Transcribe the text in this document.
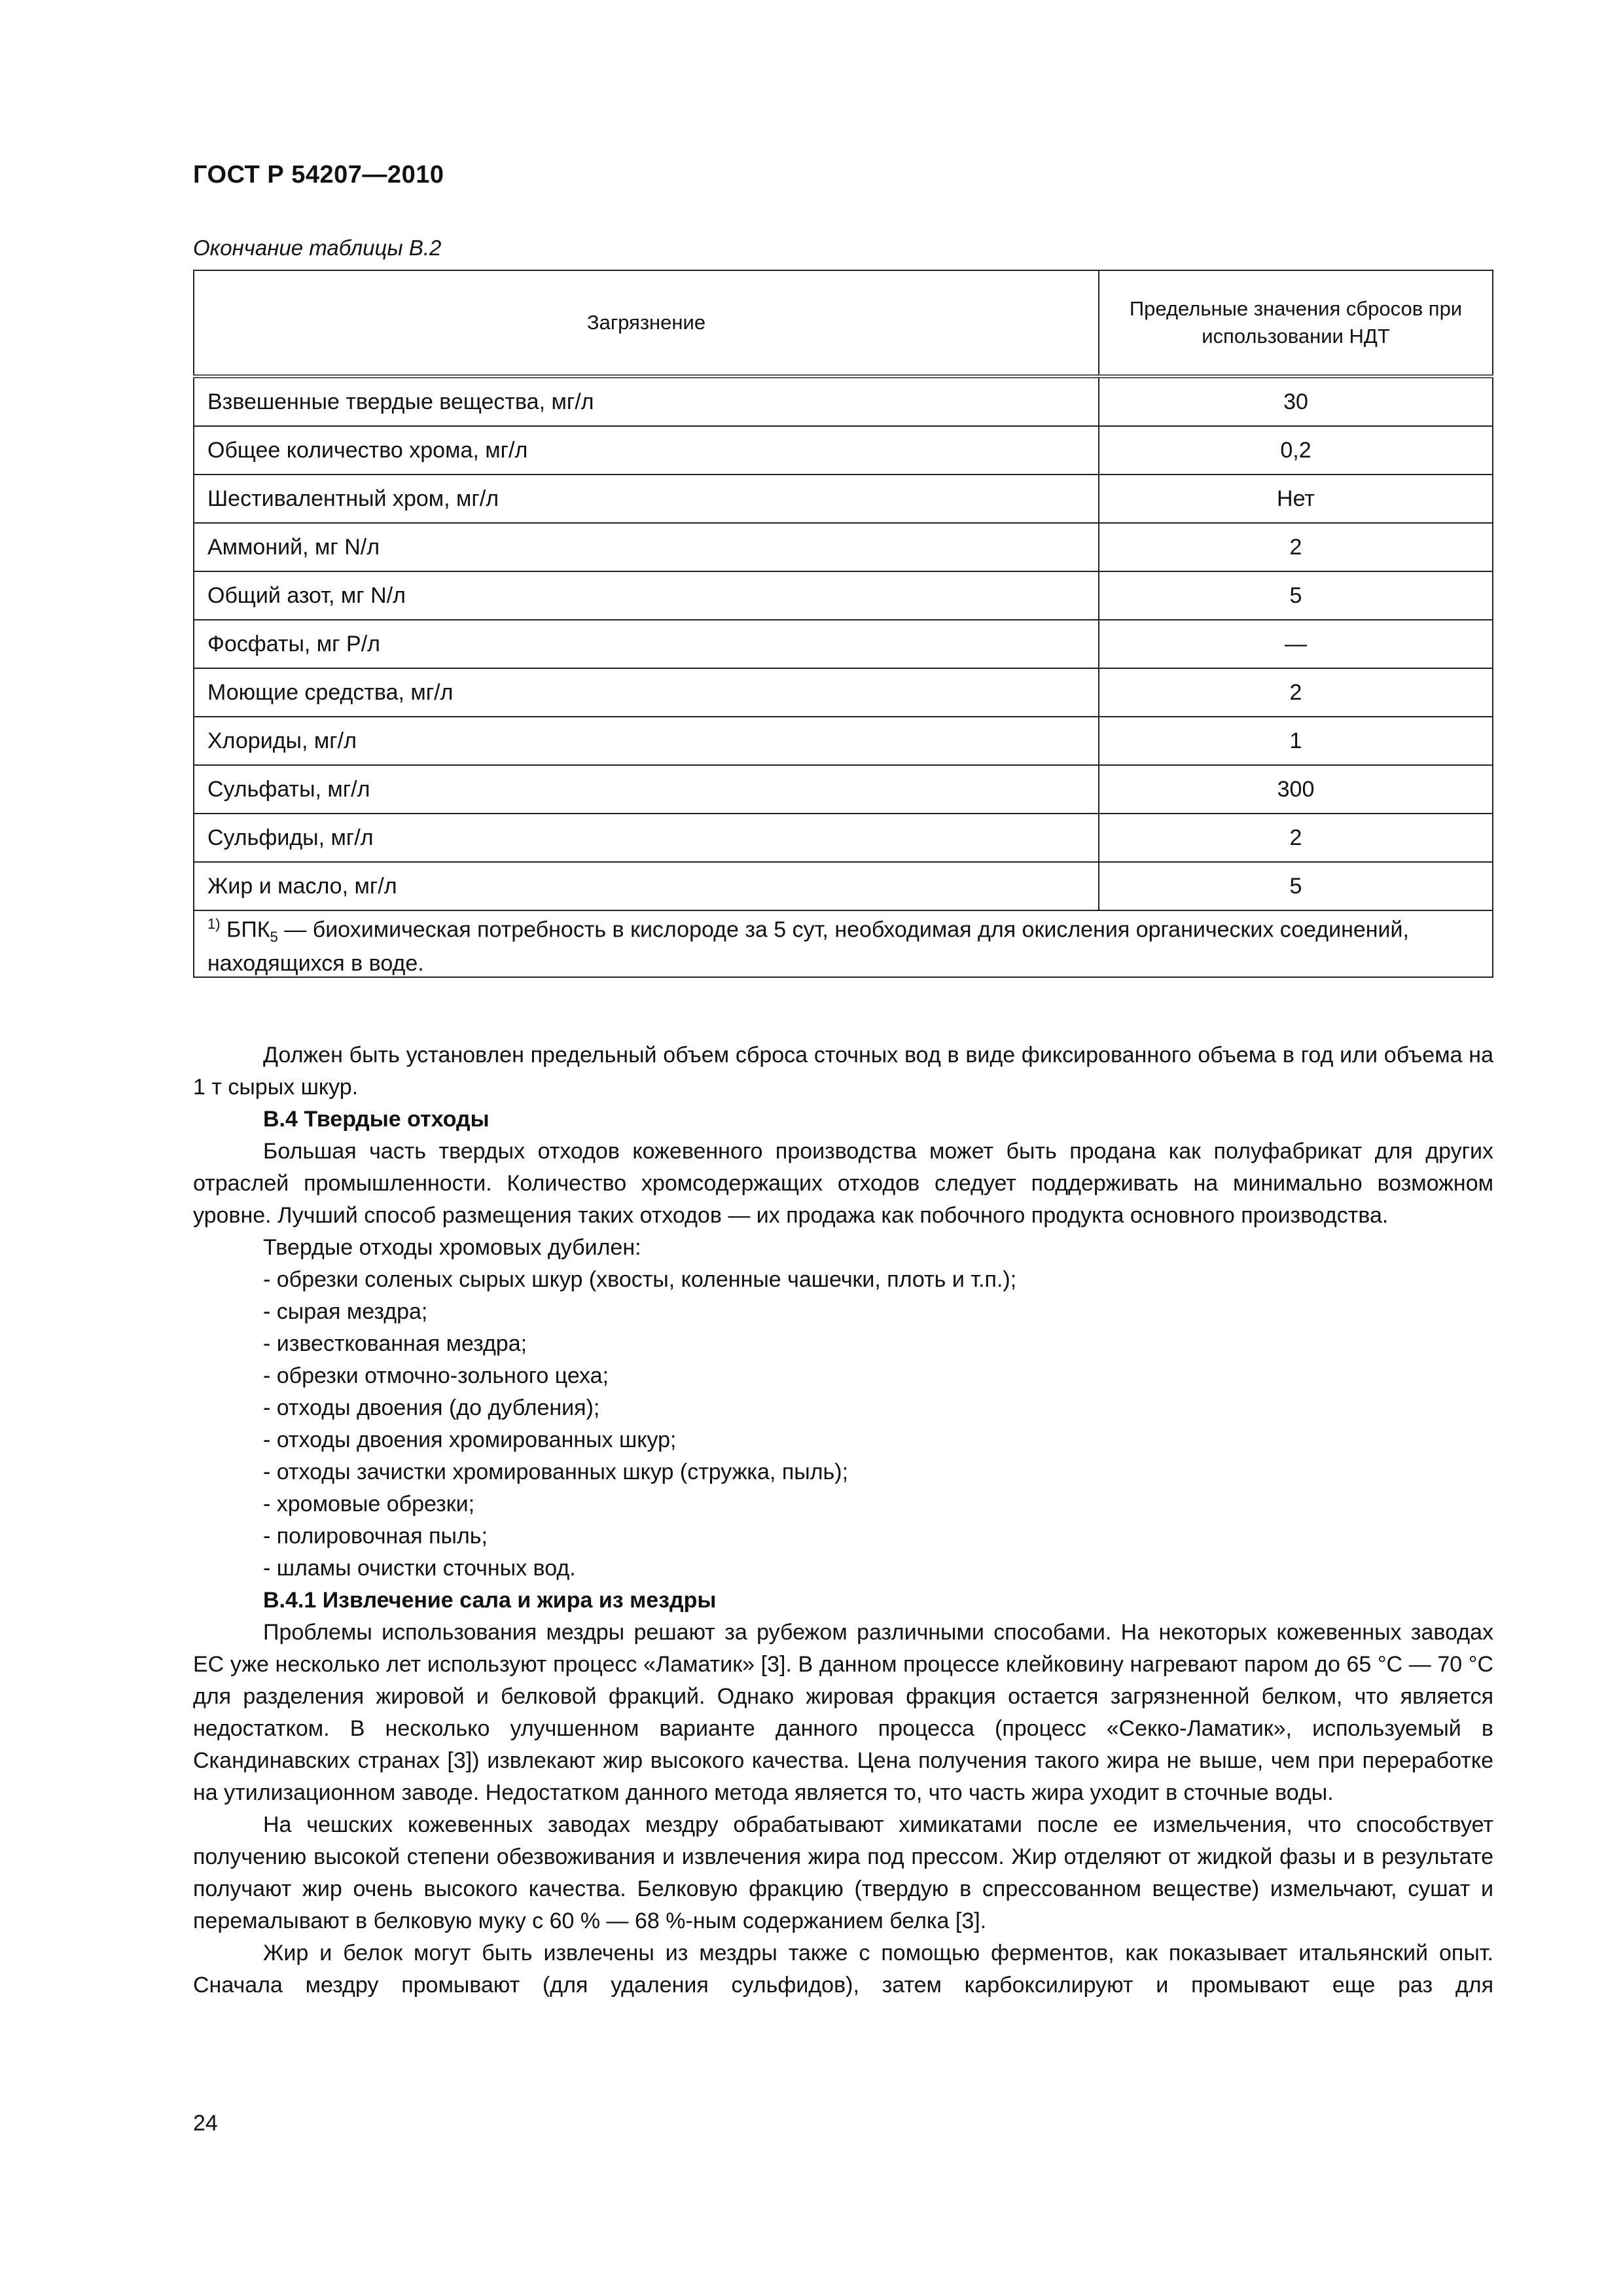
ГОСТ Р 54207—2010
Окончание таблицы В.2
Загрязнение	Предельные значения сбросов при использовании НДТ
Взвешенные твердые вещества, мг/л	30
Общее количество хрома, мг/л	0,2
Шестивалентный хром, мг/л	Нет
Аммоний, мг N/л	2
Общий азот, мг N/л	5
Фосфаты, мг Р/л	—
Моющие средства, мг/л	2
Хлориды, мг/л	1
Сульфаты, мг/л	300
Сульфиды, мг/л	2
Жир и масло, мг/л	5
$^{1)}$ $БПК_5$ — биохимическая потребность в кислороде за 5 сут, необходимая для окисления органических соединений, находящихся в воде.	

Должен быть установлен предельный объем сброса сточных вод в виде фиксированного объема в год или объема на 1 т сырых шкур.

В.4 Твердые отходы

Большая часть твердых отходов кожевенного производства может быть продана как полуфабрикат для других отраслей промышленности. Количество хромсодержащих отходов следует поддерживать на минимально возможном уровне. Лучший способ размещения таких отходов — их продажа как побочного продукта основного производства.

Твердые отходы хромовых дубилен:

- обрезки соленых сырых шкур (хвосты, коленные чашечки, плоть и т.п.);
- сырая мездра;
- известкованная мездра;
- обрезки отмочно-зольного цеха;
- отходы двоения (до дубления);
- отходы двоения хромированных шкур;
- отходы зачистки хромированных шкур (стружка, пыль);
- хромовые обрезки;
- полировочная пыль;
- шламы очистки сточных вод.
В.4.1 Извлечение сала и жира из мездры

Проблемы использования мездры решают за рубежом различными способами. На некоторых кожевенных заводах ЕС уже несколько лет используют процесс «Ламатик» [3]. В данном процессе клейковину нагревают паром до 65 °С — 70 °С для разделения жировой и белковой фракций. Однако жировая фракция остается загрязненной белком, что является недостатком. В несколько улучшенном варианте данного процесса (процесс «Секко-Ламатик», используемый в Скандинавских странах [3]) извлекают жир высокого качества. Цена получения такого жира не выше, чем при переработке на утилизационном заводе. Недостатком данного метода является то, что часть жира уходит в сточные воды.

На чешских кожевенных заводах мездру обрабатывают химикатами после ее измельчения, что способствует получению высокой степени обезвоживания и извлечения жира под прессом. Жир отделяют от жидкой фазы и в результате получают жир очень высокого качества. Белковую фракцию (твердую в спрессованном веществе) измельчают, сушат и перемалывают в белковую муку с 60 % — 68 %-ным содержанием белка [3].

Жир и белок могут быть извлечены из мездры также с помощью ферментов, как показывает итальянский опыт. Сначала мездру промывают (для удаления сульфидов), затем карбоксилируют и промывают еще раз для

24
